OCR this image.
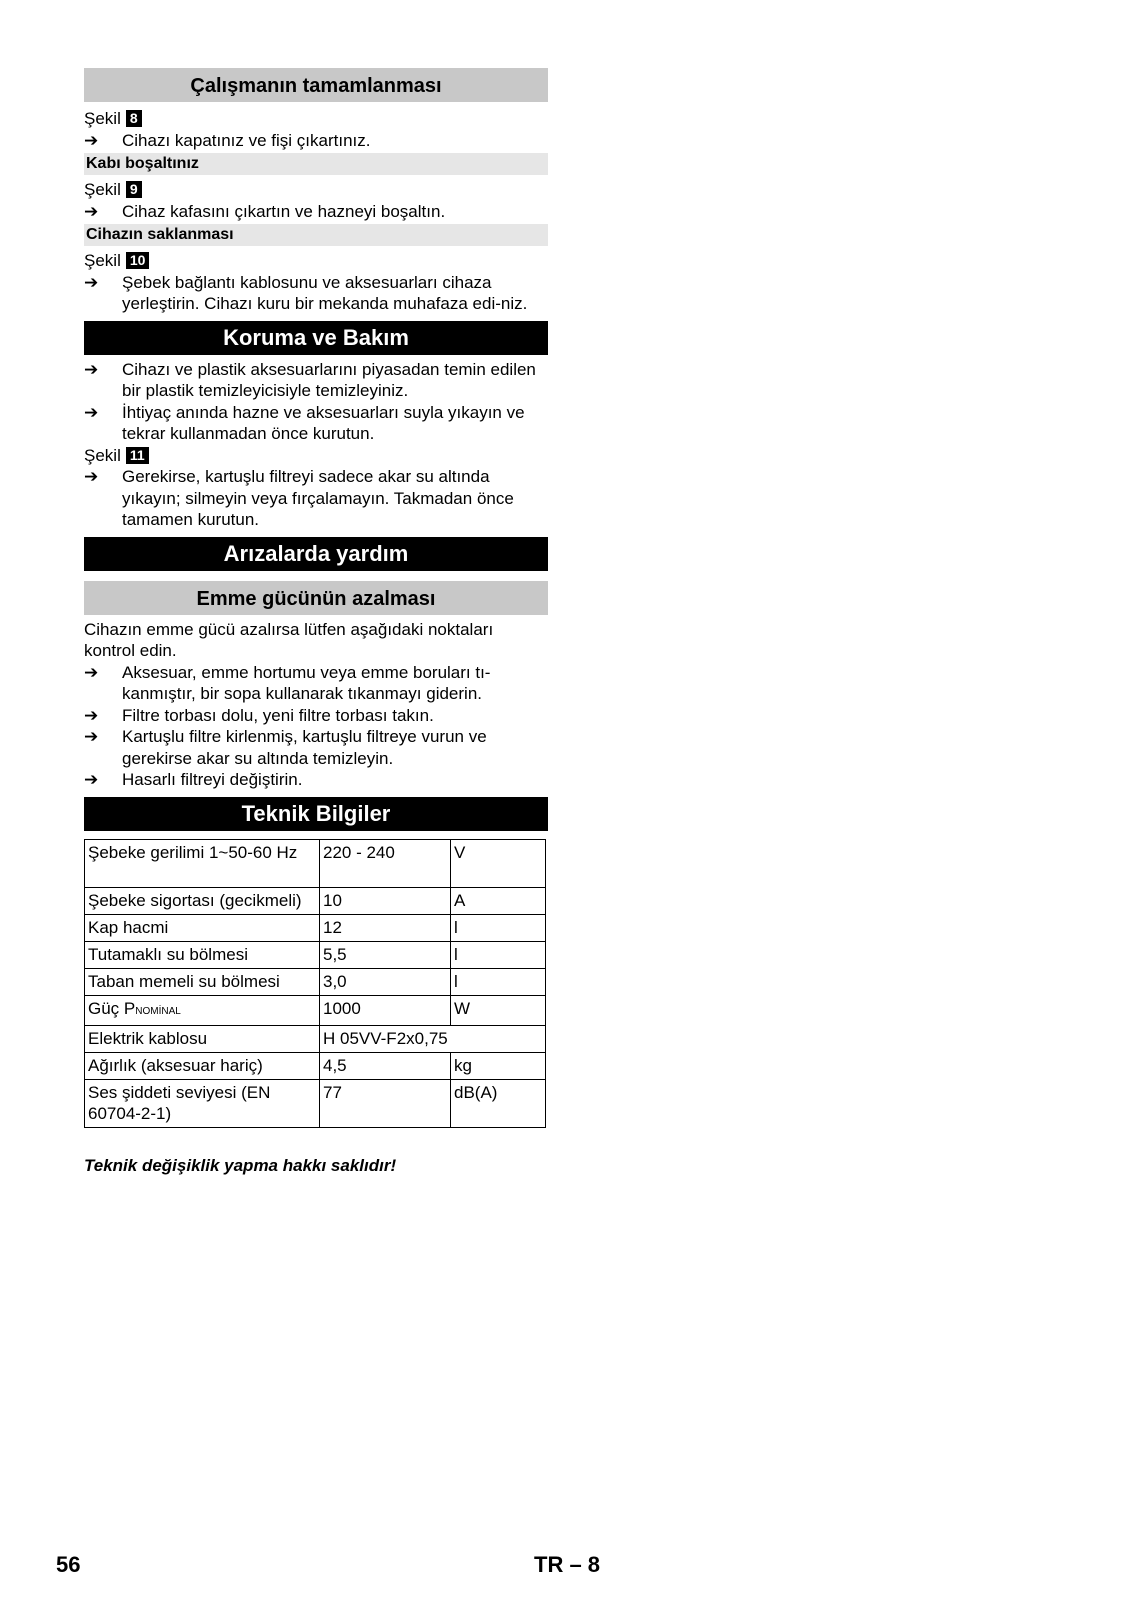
Çalışmanın tamamlanması
Şekil 8
➔	Cihazı kapatınız ve fişi çıkartınız.
Kabı boşaltınız
Şekil 9
➔	Cihaz kafasını çıkartın ve hazneyi boşaltın.
Cihazın saklanması
Şekil 10
➔	Şebek bağlantı kablosunu ve aksesuarları cihaza yerleştirin. Cihazı kuru bir mekanda muhafaza edi-niz.
Koruma ve Bakım
➔	Cihazı ve plastik aksesuarlarını piyasadan temin edilen bir plastik temizleyicisiyle temizleyiniz.
➔	İhtiyaç anında hazne ve aksesuarları suyla yıkayın ve tekrar kullanmadan önce kurutun.
Şekil 11
➔	Gerekirse, kartuşlu filtreyi sadece akar su altında yıkayın; silmeyin veya fırçalamayın. Takmadan önce tamamen kurutun.
Arızalarda yardım
Emme gücünün azalması
Cihazın emme gücü azalırsa lütfen aşağıdaki noktaları kontrol edin.
➔	Aksesuar, emme hortumu veya emme boruları tı-kanmıştır, bir sopa kullanarak tıkanmayı giderin.
➔	Filtre torbası dolu, yeni filtre torbası takın.
➔	Kartuşlu filtre kirlenmiş, kartuşlu filtreye vurun ve gerekirse akar su altında temizleyin.
➔	Hasarlı filtreyi değiştirin.
Teknik Bilgiler
Şebeke gerilimi 1~50-60 Hz	220 - 240	V
Şebeke sigortası (gecikmeli)	10	A
Kap hacmi	12	l
Tutamaklı su bölmesi	5,5	l
Taban memeli su bölmesi	3,0	l
Güç PNOMİNAL	1000	W
Elektrik kablosu	H 05VV-F2x0,75	
Ağırlık (aksesuar hariç)	4,5	kg
Ses şiddeti seviyesi (EN 60704-2-1)	77	dB(A)
Teknik değişiklik yapma hakkı saklıdır!
56	TR – 8
